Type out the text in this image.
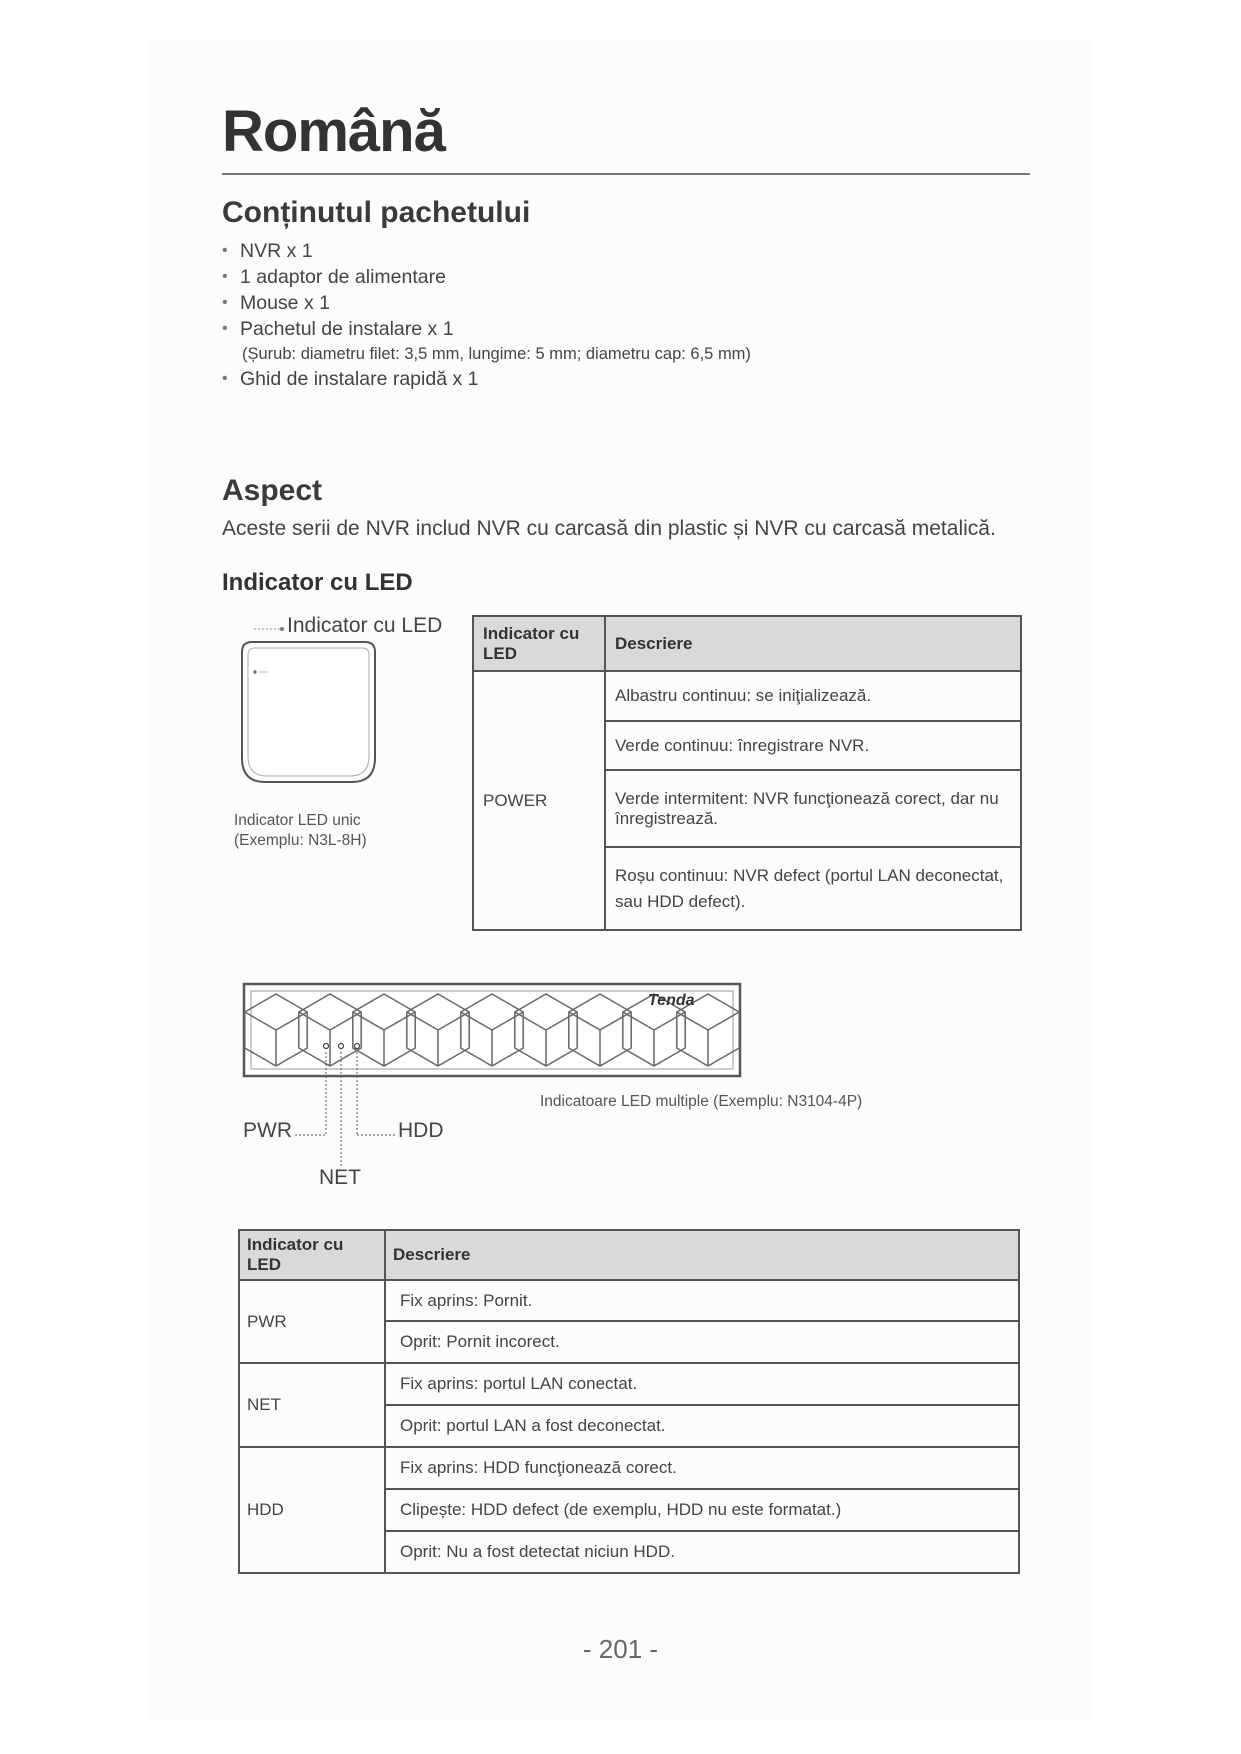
Română
Conținutul pachetului
• NVR x 1
• 1 adaptor de alimentare
• Mouse x 1
• Pachetul de instalare x 1
(Șurub: diametru filet: 3,5 mm, lungime: 5 mm; diametru cap: 6,5 mm)
• Ghid de instalare rapidă x 1
Aspect
Aceste serii de NVR includ NVR cu carcasă din plastic și NVR cu carcasă metalică.
Indicator cu LED
Indicator cu LED
Indicator LED unic
(Exemplu: N3L-8H)
Indicator cu LED	Descriere
POWER	Albastru continuu: se iniţializează.
	Verde continuu: înregistrare NVR.
	Verde intermitent: NVR funcţionează corect, dar nu înregistrează.
	Roșu continuu: NVR defect (portul LAN deconectat, sau HDD defect).
Tenda
PWR	HDD
NET
Indicatoare LED multiple (Exemplu: N3104-4P)
Indicator cu LED	Descriere
PWR	Fix aprins: Pornit.
	Oprit: Pornit incorect.
NET	Fix aprins: portul LAN conectat.
	Oprit: portul LAN a fost deconectat.
HDD	Fix aprins: HDD funcţionează corect.
	Clipește: HDD defect (de exemplu, HDD nu este formatat.)
	Oprit: Nu a fost detectat niciun HDD.
- 201 -
